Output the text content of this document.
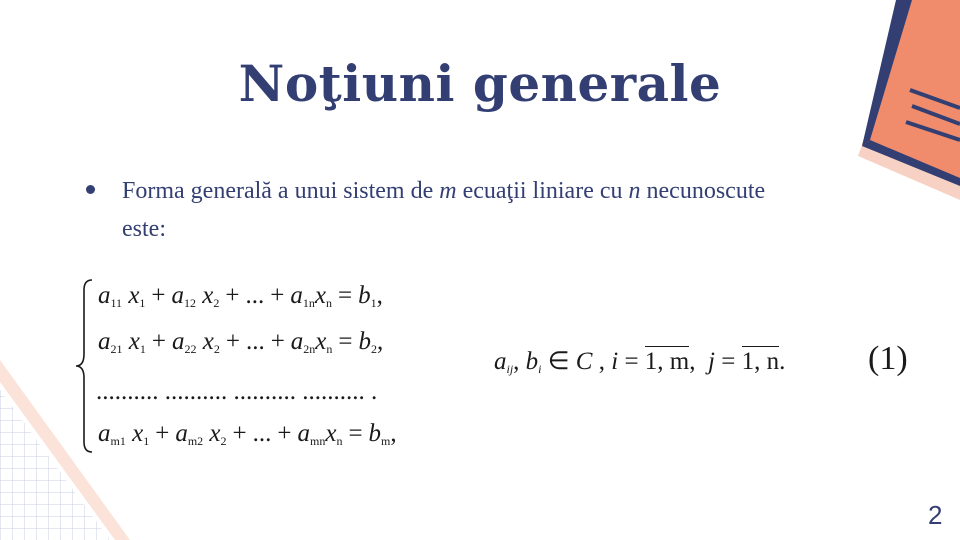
Noţiuni generale
Forma generală a unui sistem de m ecuaţii liniare cu n necunoscute este:
$a_{11}$ $x_1 + a_{12}$ $x_2$ + ... + $a_{1n}x_n = b_1$,
$a_{21}$ $x_1 + a_{22}$ $x_2$ + ... + $a_{2n}x_n = b_2$,
.......... .......... .......... .......... .
$a_{m1}$ $x_1 + a_{m2}$ $x_2$ + ... + $a_{mn}x_n = b_m$,
$a_{ij}$, $b_i$ ∈ C , i = 1, m,  j = 1, n. (1)
2
